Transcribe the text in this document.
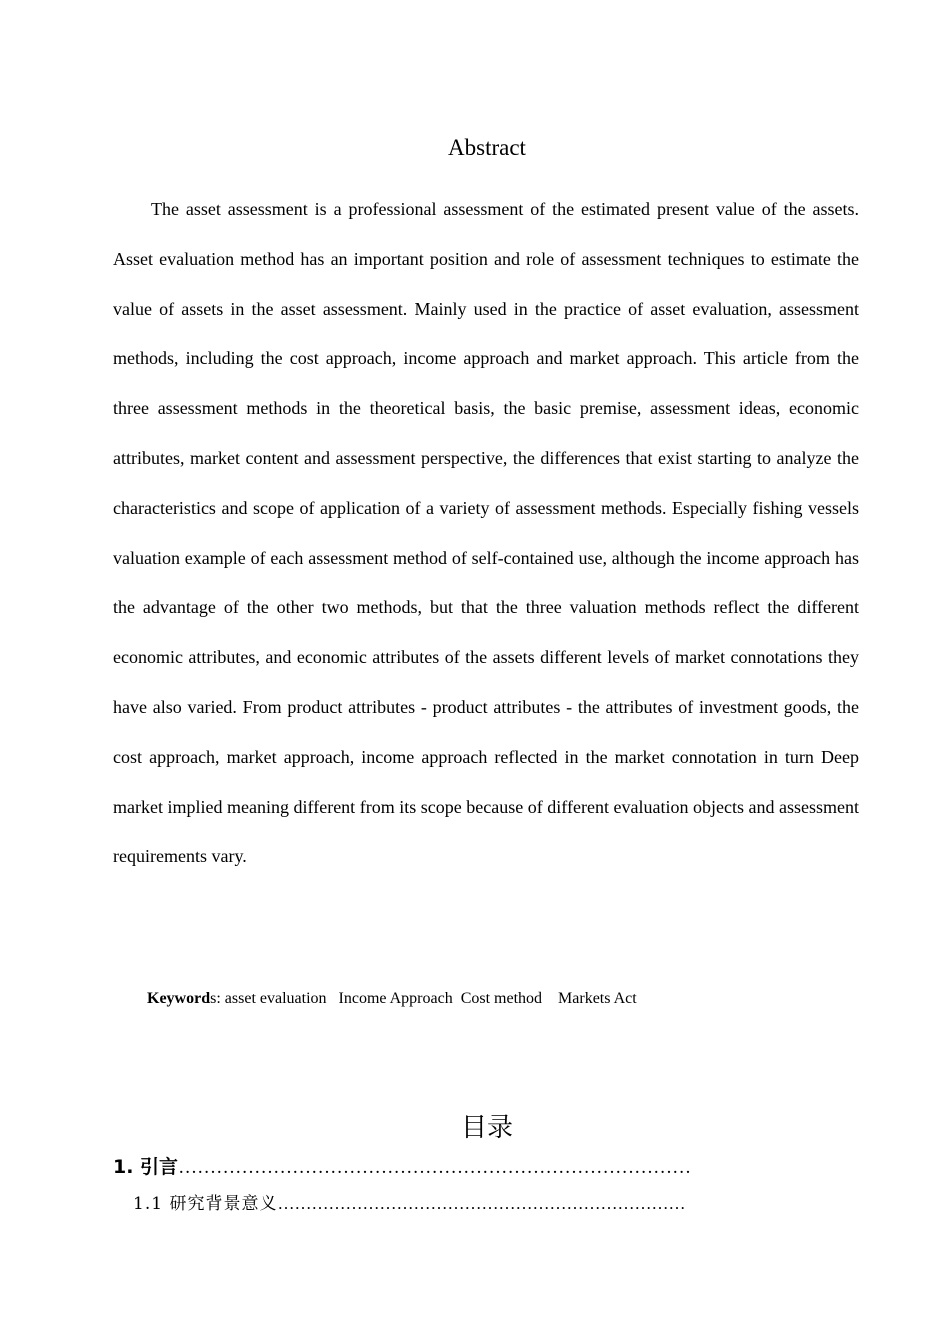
Abstract

The asset assessment is a professional assessment of the estimated present value of the assets. Asset evaluation method has an important position and role of assessment techniques to estimate the value of assets in the asset assessment. Mainly used in the practice of asset evaluation, assessment methods, including the cost approach, income approach and market approach. This article from the three assessment methods in the theoretical basis, the basic premise, assessment ideas, economic attributes, market content and assessment perspective, the differences that exist starting to analyze the characteristics and scope of application of a variety of assessment methods. Especially fishing vessels valuation example of each assessment method of self-contained use, although the income approach has the advantage of the other two methods, but that the three valuation methods reflect the different economic attributes, and economic attributes of the assets different levels of market connotations they have also varied. From product attributes - product attributes - the attributes of investment goods, the cost approach, market approach, income approach reflected in the market connotation in turn Deep market implied meaning different from its scope because of different evaluation objects and assessment requirements vary.

Keywords: asset evaluation   Income Approach  Cost method    Markets Act
目录
1. 引言………………………………………………………………………
1.1 研究背景意义………………………………………………………………
